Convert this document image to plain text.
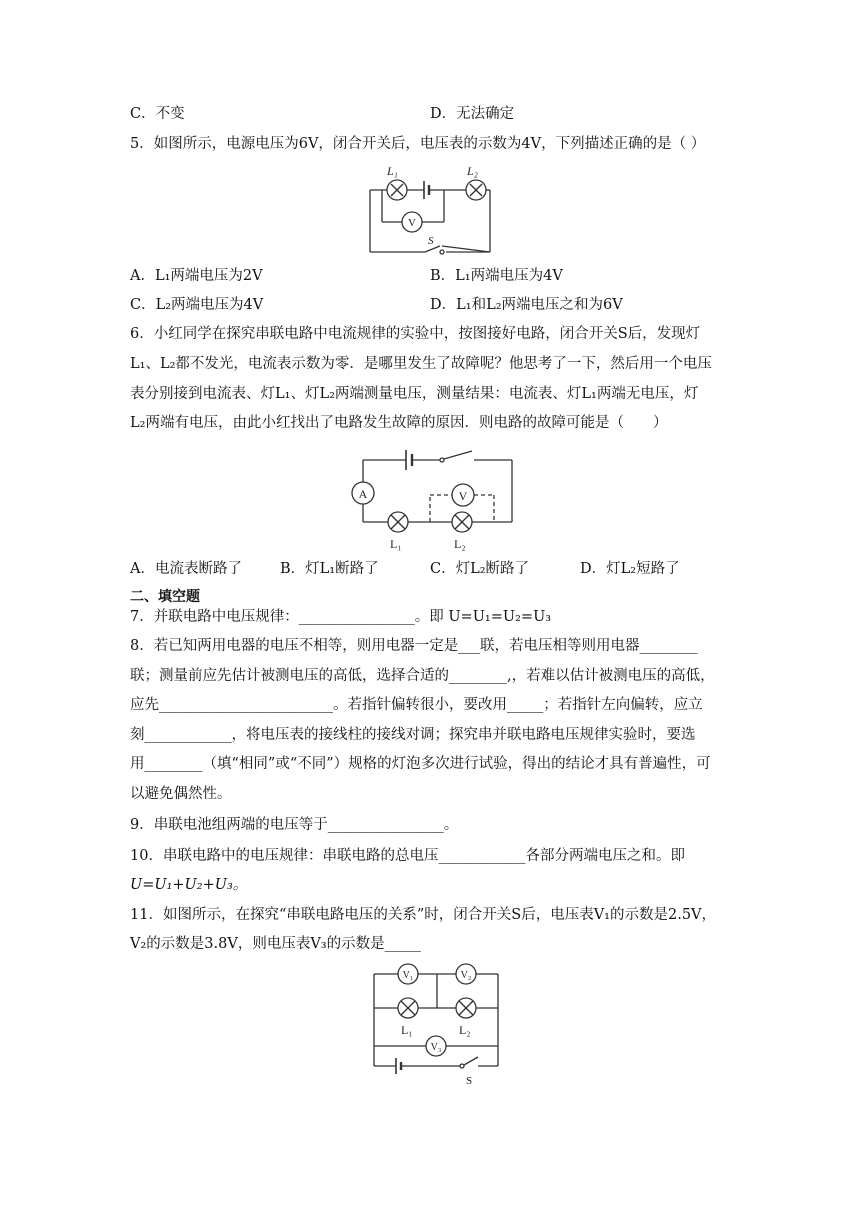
C．不变	D．无法确定
5．如图所示，电源电压为6V，闭合开关后，电压表的示数为4V，下列描述正确的是（ ）
V
L₁	L₂
S
A．L₁两端电压为2V	B．L₁两端电压为4V
C．L₂两端电压为4V	D．L₁和L₂两端电压之和为6V
6．小红同学在探究串联电路中电流规律的实验中，按图接好电路，闭合开关S后，发现灯
L₁、L₂都不发光，电流表示数为零．是哪里发生了故障呢？他思考了一下，然后用一个电压
表分别接到电流表、灯L₁、灯L₂两端测量电压，测量结果：电流表、灯L₁两端无电压，灯
L₂两端有电压，由此小红找出了电路发生故障的原因．则电路的故障可能是（　　）
A	V
L₁	L₂
A．电流表断路了	B．灯L₁断路了	C．灯L₂断路了	D．灯L₂短路了
二、填空题
7．并联电路中电压规律：________________。即 U=U₁=U₂=U₃
8．若已知两用电器的电压不相等，则用电器一定是___联，若电压相等则用电器________
联；测量前应先估计被测电压的高低，选择合适的________,，若难以估计被测电压的高低，
应先________________________。若指针偏转很小，要改用_____；若指针左向偏转，应立
刻____________，将电压表的接线柱的接线对调；探究串并联电路电压规律实验时，要选
用________（填“相同”或“不同”）规格的灯泡多次进行试验，得出的结论才具有普遍性，可
以避免偶然性。
9．串联电池组两端的电压等于________________。
10．串联电路中的电压规律：串联电路的总电压____________各部分两端电压之和。即
U=U₁+U₂+U₃。
11．如图所示，在探究“串联电路电压的关系”时，闭合开关S后，电压表V₁的示数是2.5V，
V₂的示数是3.8V，则电压表V₃的示数是_____
V₁	V₂
V₃
L₁	L₂
S
